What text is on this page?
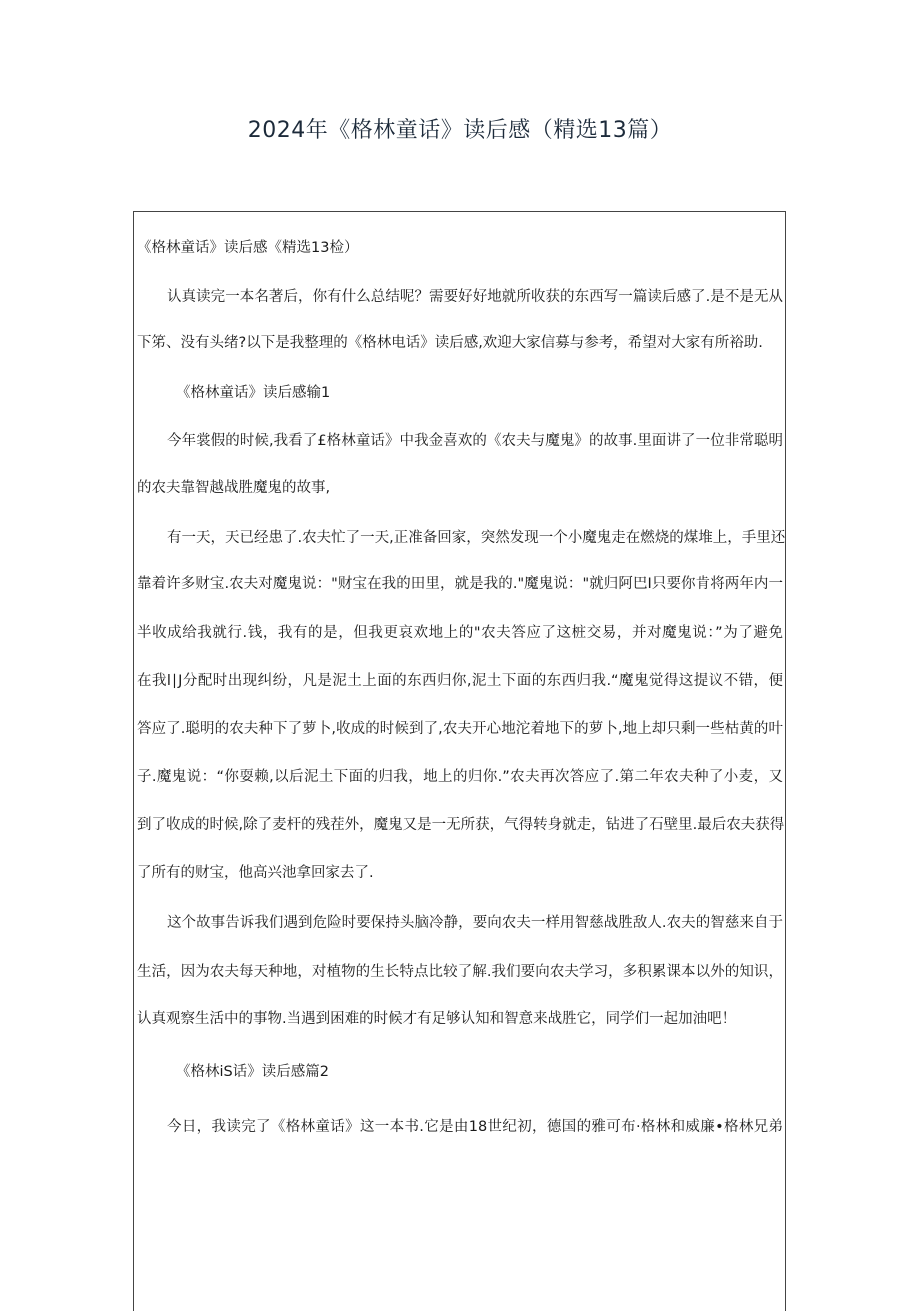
2024年《格林童话》读后感（精选13篇）
《格林童话》读后感《精选13检）
认真读完一本名著后，你有什么总结呢？需要好好地就所收获的东西写一篇读后感了.是不是无从
下笫、没有头绪?以下是我整理的《格林电话》读后感,欢迎大家信募与参考，希望对大家有所裕助.
《格林童话》读后感输1
今年裳假的时候,我看了£格林童话》中我金喜欢的《农夫与魔鬼》的故事.里面讲了一位非常聪明
的农夫靠智越战胜魔鬼的故事,
有一天，天已经患了.农夫忙了一天,正准备回家，突然发现一个小魔鬼走在燃烧的煤堆上，手里还
靠着许多财宝.农夫对魔鬼说："财宝在我的田里，就是我的."魔鬼说："就归阿巴I只要你肯将两年内一
半收成给我就行.钱，我有的是，但我更哀欢地上的"农夫答应了这桩交易，并对魔鬼说：”为了避免
在我l∣J分配时出现纠纷，凡是泥土上面的东西归你,泥土下面的东西归我.“魔鬼觉得这提议不错，便
答应了.聪明的农夫种下了萝卜,收成的时候到了,农夫开心地沱着地下的萝卜,地上却只剩一些枯黄的叶
子.魔鬼说：“你耍赖,以后泥土下面的归我，地上的归你.”农夫再次答应了.第二年农夫种了小麦，又
到了收成的时候,除了麦杆的残茬外，魔鬼又是一无所获，气得转身就走，钻进了石壁里.最后农夫获得
了所有的财宝，他高兴池拿回家去了.
这个故事告诉我们遇到危险时要保持头脑冷静，要向农夫一样用智慈战胜敌人.农夫的智慈来自于
生活，因为农夫每天种地，对植物的生长特点比较了解.我们要向农夫学习，多积累课本以外的知识，
认真观察生活中的事物.当遇到困难的时候才有足够认知和智意来战胜它，同学们一起加油吧！
《格林iS话》读后感篇2
今日，我读完了《格林童话》这一本书.它是由18世纪初，德国的雅可布·格林和威廉•格林兄弟
